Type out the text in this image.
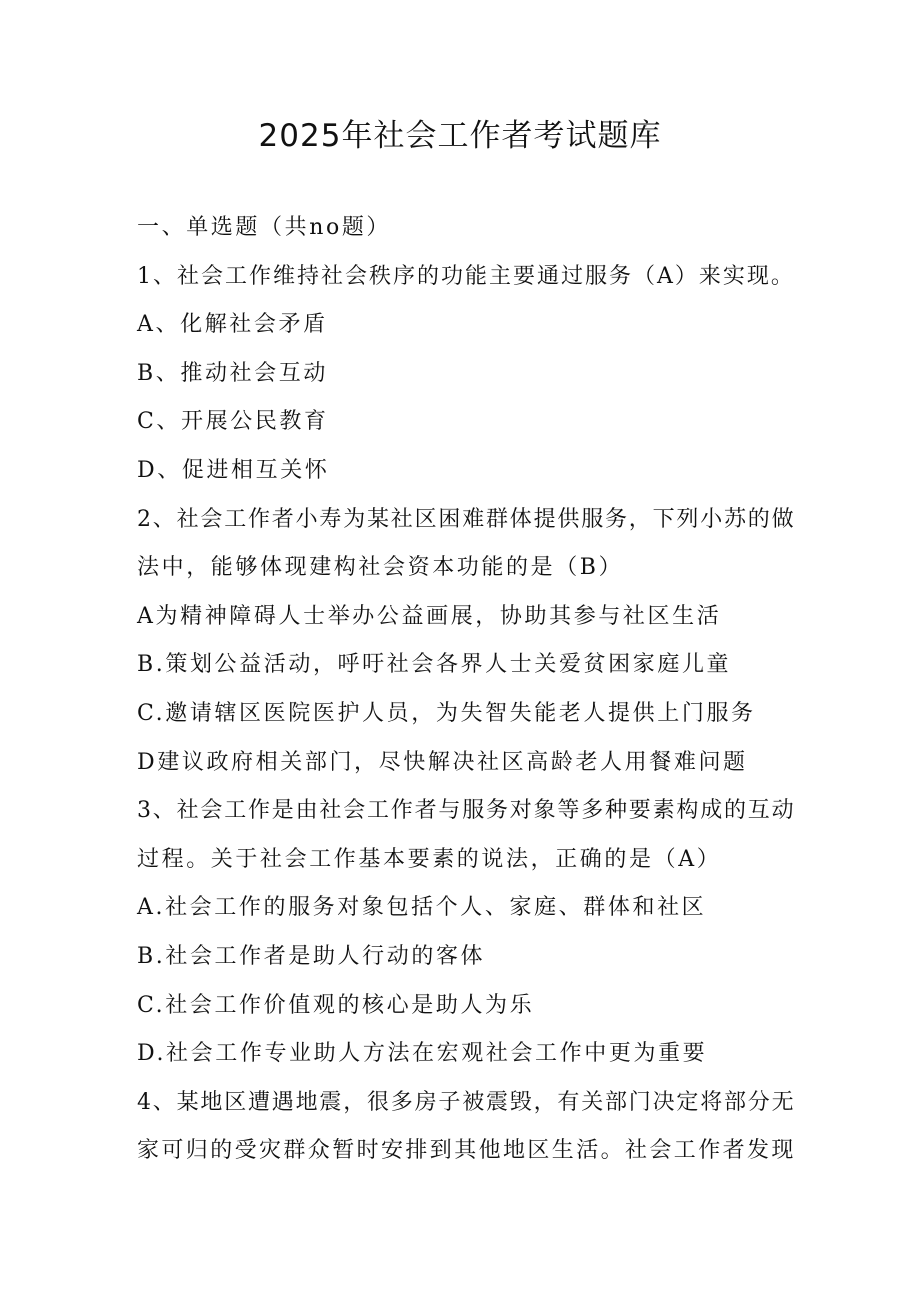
2025年社会工作者考试题库

一、单选题（共no题）

1、社会工作维持社会秩序的功能主要通过服务（A）来实现。

A、化解社会矛盾

B、推动社会互动

C、开展公民教育

D、促进相互关怀

2、社会工作者小寿为某社区困难群体提供服务，下列小苏的做

法中，能够体现建构社会资本功能的是（B）

A为精神障碍人士举办公益画展，协助其参与社区生活

B.策划公益活动，呼吁社会各界人士关爱贫困家庭儿童

C.邀请辖区医院医护人员，为失智失能老人提供上门服务

D建议政府相关部门，尽快解决社区高龄老人用餐难问题

3、社会工作是由社会工作者与服务对象等多种要素构成的互动

过程。关于社会工作基本要素的说法，正确的是（A）

A.社会工作的服务对象包括个人、家庭、群体和社区

B.社会工作者是助人行动的客体

C.社会工作价值观的核心是助人为乐

D.社会工作专业助人方法在宏观社会工作中更为重要

4、某地区遭遇地震，很多房子被震毁，有关部门决定将部分无

家可归的受灾群众暂时安排到其他地区生活。社会工作者发现
